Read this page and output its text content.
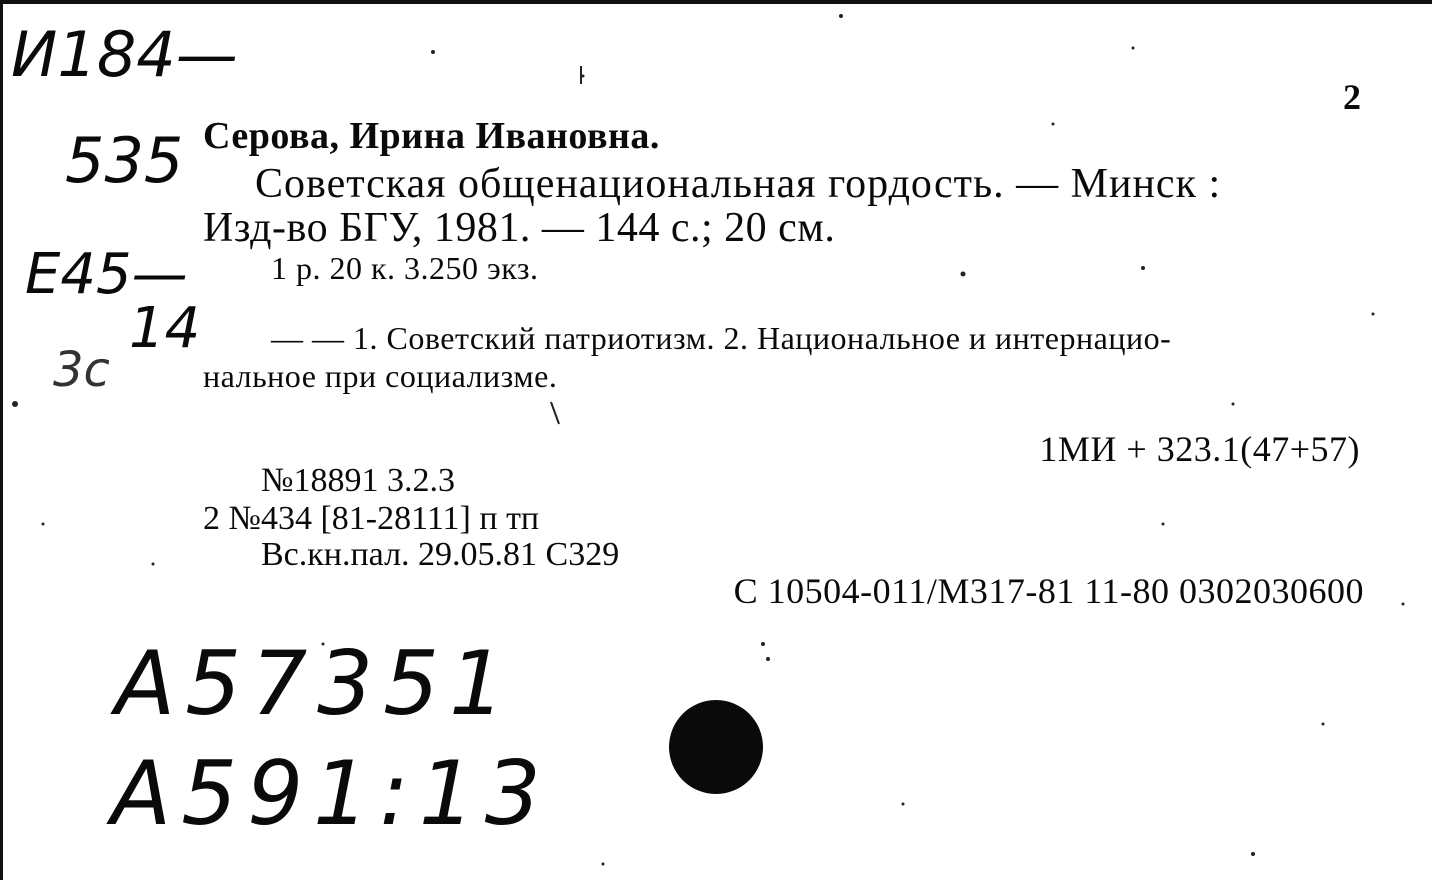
И184—

535

Е45—

14

3с

2

Серова, Ирина Ивановна.

Советская общенациональная гордость. — Минск :

Изд-во БГУ, 1981. — 144 с.; 20 см.

1 р. 20 к. 3.250 экз.

— — 1. Советский патриотизм. 2. Национальное и интернацио-

нальное при социализме.

1МИ + 323.1(47+57)

№18891 3.2.3

2 №434 [81-28111] п тп

Вс.кн.пал. 29.05.81 С329

С 10504-011/М317-81 11-80 0302030600

А57351

А591:13
